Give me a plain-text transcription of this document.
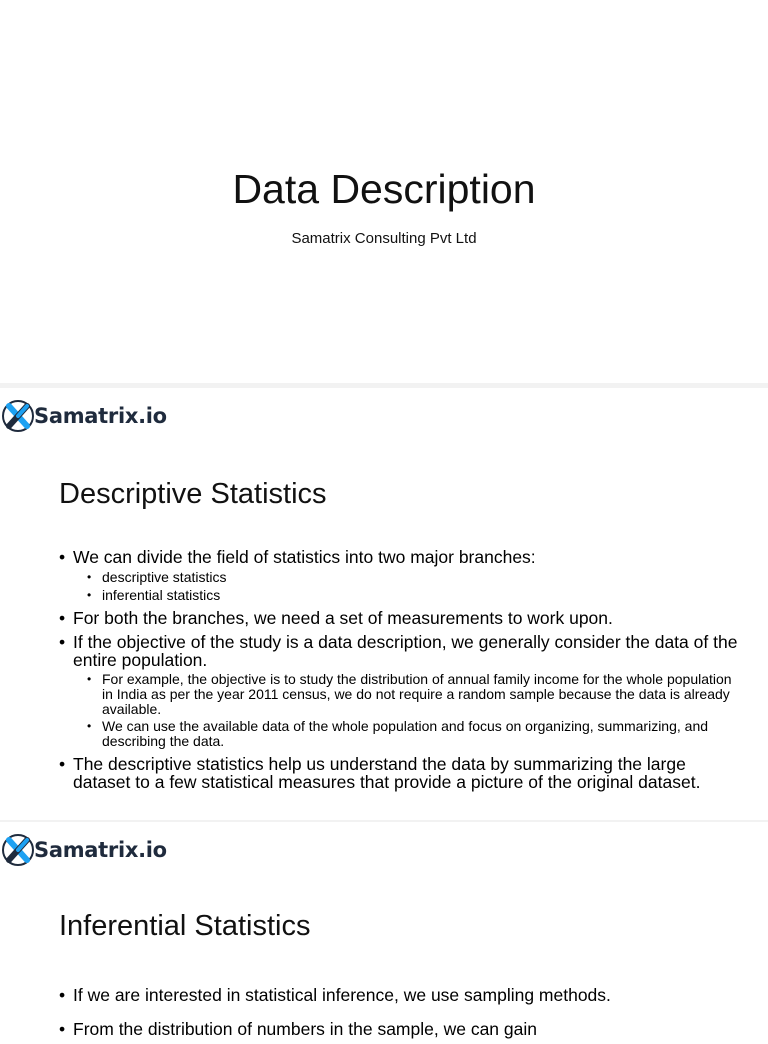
Data Description
Samatrix Consulting Pvt Ltd
Samatrix.io
Descriptive Statistics
• We can divide the field of statistics into two major branches:
• descriptive statistics
• inferential statistics
• For both the branches, we need a set of measurements to work upon.
• If the objective of the study is a data description, we generally consider the data of the entire population.
• For example, the objective is to study the distribution of annual family income for the whole population in India as per the year 2011 census, we do not require a random sample because the data is already available.
• We can use the available data of the whole population and focus on organizing, summarizing, and describing the data.
• The descriptive statistics help us understand the data by summarizing the large dataset to a few statistical measures that provide a picture of the original dataset.
Samatrix.io
Inferential Statistics
• If we are interested in statistical inference, we use sampling methods.
• From the distribution of numbers in the sample, we can gain
